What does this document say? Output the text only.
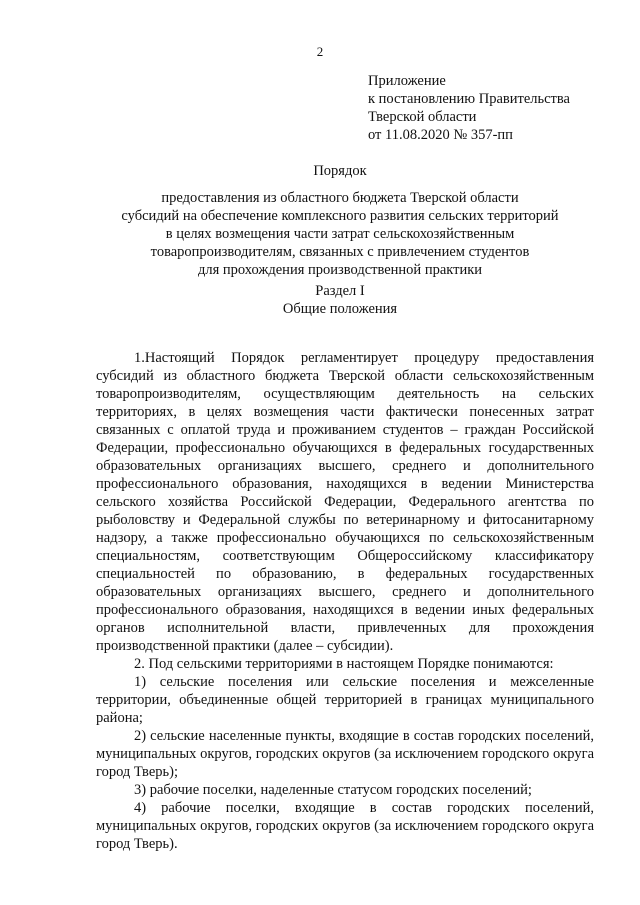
2
Приложение
к постановлению Правительства
Тверской области
от 11.08.2020 № 357-пп
Порядок
предоставления из областного бюджета Тверской области
субсидий на обеспечение комплексного развития сельских территорий
в целях возмещения части затрат сельскохозяйственным
товаропроизводителям, связанных с привлечением студентов
для прохождения производственной практики
Раздел I
Общие положения

1.Настоящий Порядок регламентирует процедуру предоставления субсидий из областного бюджета Тверской области сельскохозяйственным товаропроизводителям, осуществляющим деятельность на сельских территориях, в целях возмещения части фактически понесенных затрат связанных с оплатой труда и проживанием студентов – граждан Российской Федерации, профессионально обучающихся в федеральных государственных образовательных организациях высшего, среднего и дополнительного профессионального образования, находящихся в ведении Министерства сельского хозяйства Российской Федерации, Федерального агентства по рыболовству и Федеральной службы по ветеринарному и фитосанитарному надзору, а также профессионально обучающихся по сельскохозяйственным специальностям, соответствующим Общероссийскому классификатору специальностей по образованию, в федеральных государственных образовательных организациях высшего, среднего и дополнительного профессионального образования, находящихся в ведении иных федеральных органов исполнительной власти, привлеченных для прохождения производственной практики (далее – субсидии).

2. Под сельскими территориями в настоящем Порядке понимаются:

1) сельские поселения или сельские поселения и межселенные территории, объединенные общей территорией в границах муниципального района;

2) сельские населенные пункты, входящие в состав городских поселений, муниципальных округов, городских округов (за исключением городского округа город Тверь);

3) рабочие поселки, наделенные статусом городских поселений;

4) рабочие поселки, входящие в состав городских поселений, муниципальных округов, городских округов (за исключением городского округа город Тверь).
